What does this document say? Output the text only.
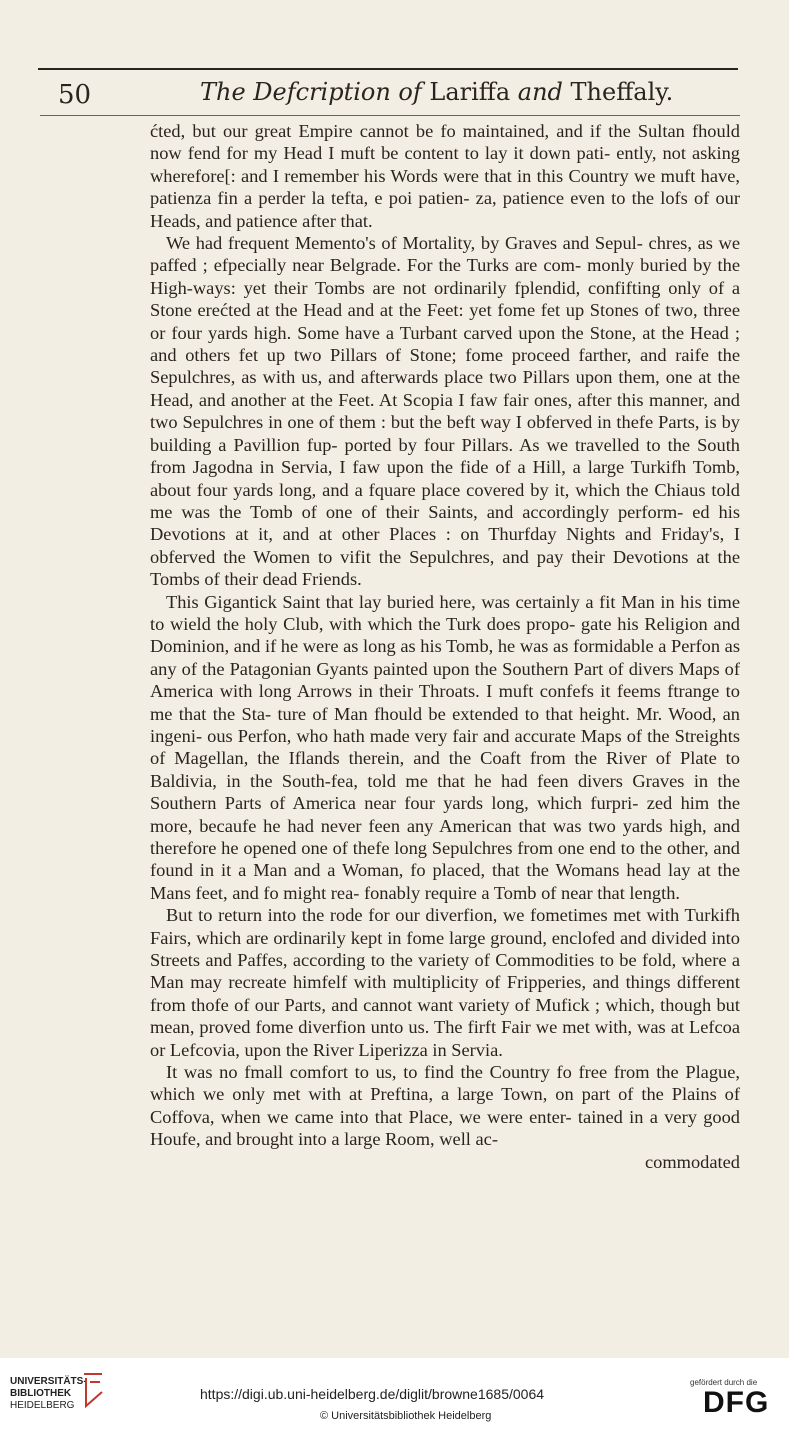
50	The Defcription of Lariffa and Theffaly.

ćted, but our great Empire cannot be fo maintained, and if the Sultan fhould now fend for my Head I muft be content to lay it down pati- ently, not asking wherefore[: and I remember his Words were that in this Country we muft have, patienza fin a perder la tefta, e poi patien- za, patience even to the lofs of our Heads, and patience after that.

We had frequent Memento's of Mortality, by Graves and Sepul- chres, as we paffed ; efpecially near Belgrade. For the Turks are com- monly buried by the High-ways: yet their Tombs are not ordinarily fplendid, confifting only of a Stone erećted at the Head and at the Feet: yet fome fet up Stones of two, three or four yards high. Some have a Turbant carved upon the Stone, at the Head ; and others fet up two Pillars of Stone; fome proceed farther, and raife the Sepulchres, as with us, and afterwards place two Pillars upon them, one at the Head, and another at the Feet. At Scopia I faw fair ones, after this manner, and two Sepulchres in one of them : but the beft way I obferved in thefe Parts, is by building a Pavillion fup- ported by four Pillars. As we travelled to the South from Jagodna in Servia, I faw upon the fide of a Hill, a large Turkifh Tomb, about four yards long, and a fquare place covered by it, which the Chiaus told me was the Tomb of one of their Saints, and accordingly perform- ed his Devotions at it, and at other Places : on Thurfday Nights and Friday's, I obferved the Women to vifit the Sepulchres, and pay their Devotions at the Tombs of their dead Friends.

This Gigantick Saint that lay buried here, was certainly a fit Man in his time to wield the holy Club, with which the Turk does propo- gate his Religion and Dominion, and if he were as long as his Tomb, he was as formidable a Perfon as any of the Patagonian Gyants painted upon the Southern Part of divers Maps of America with long Arrows in their Throats. I muft confefs it feems ftrange to me that the Sta- ture of Man fhould be extended to that height. Mr. Wood, an ingeni- ous Perfon, who hath made very fair and accurate Maps of the Streights of Magellan, the Iflands therein, and the Coaft from the River of Plate to Baldivia, in the South-fea, told me that he had feen divers Graves in the Southern Parts of America near four yards long, which furpri- zed him the more, becaufe he had never feen any American that was two yards high, and therefore he opened one of thefe long Sepulchres from one end to the other, and found in it a Man and a Woman, fo placed, that the Womans head lay at the Mans feet, and fo might rea- fonably require a Tomb of near that length.

But to return into the rode for our diverfion, we fometimes met with Turkifh Fairs, which are ordinarily kept in fome large ground, enclofed and divided into Streets and Paffes, according to the variety of Commodities to be fold, where a Man may recreate himfelf with multiplicity of Fripperies, and things different from thofe of our Parts, and cannot want variety of Mufick ; which, though but mean, proved fome diverfion unto us. The firft Fair we met with, was at Lefcoa or Lefcovia, upon the River Liperizza in Servia.

It was no fmall comfort to us, to find the Country fo free from the Plague, which we only met with at Preftina, a large Town, on part of the Plains of Coffova, when we came into that Place, we were enter- tained in a very good Houfe, and brought into a large Room, well ac-

commodated

UNIVERSITÄTS-
BIBLIOTHEK
HEIDELBERG
https://digi.ub.uni-heidelberg.de/diglit/browne1685/0064
© Universitätsbibliothek Heidelberg
gefördert durch die
DFG
